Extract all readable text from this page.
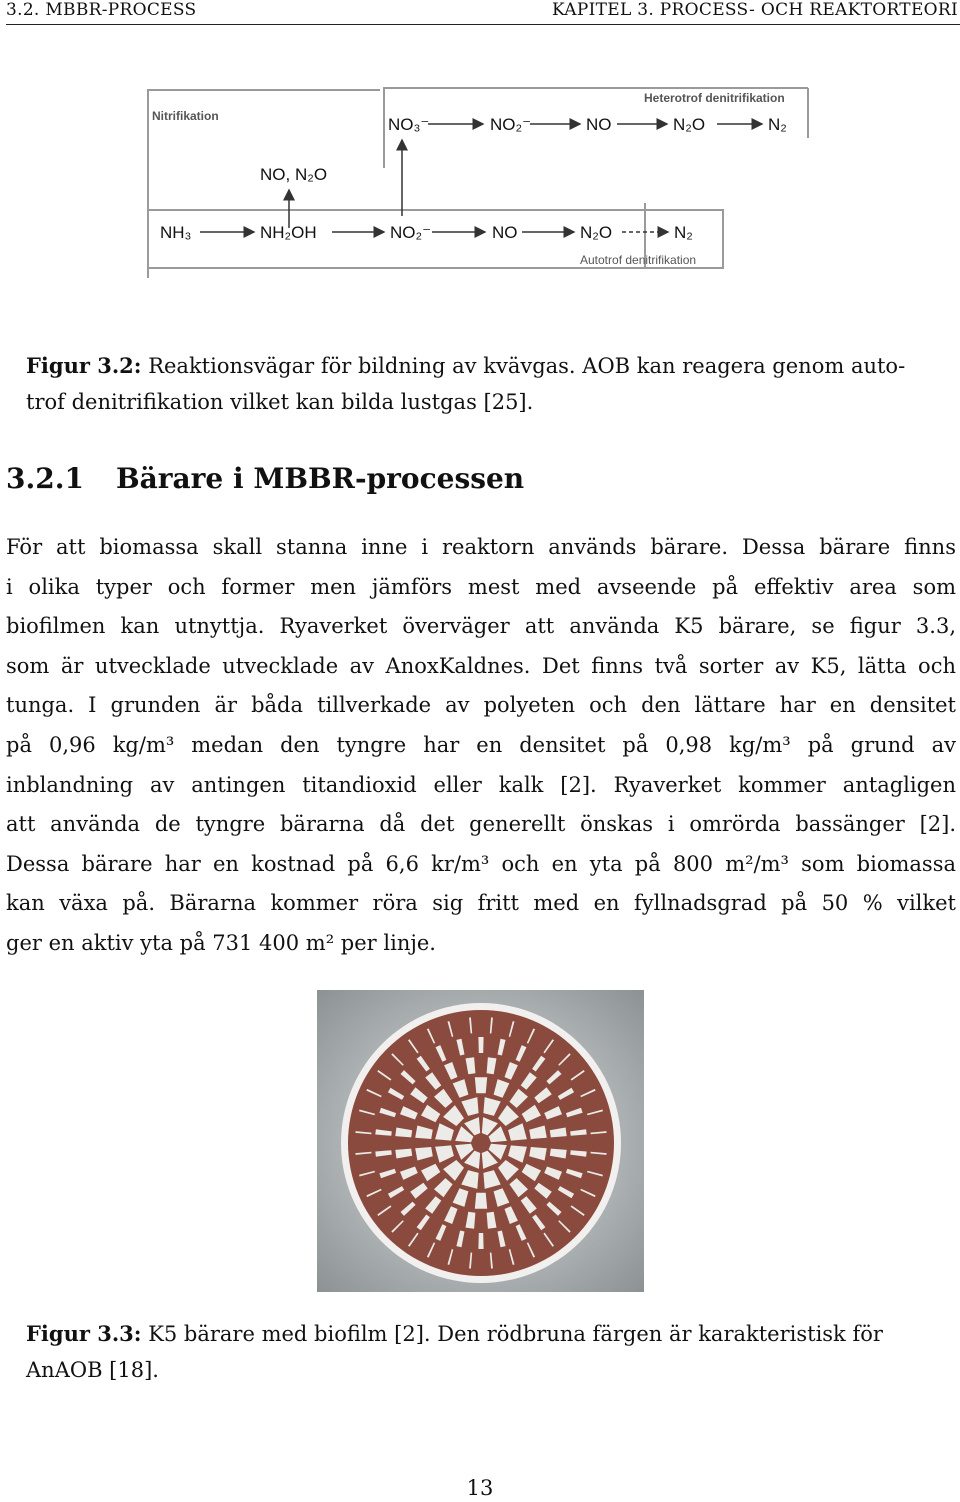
3.2. MBBR-PROCESS	KAPITEL 3. PROCESS- OCH REAKTORTEORI
Nitrifikation
Heterotrof denitrifikation
Autotrof denitrifikation
NO₃⁻	NO₂⁻	NO	N₂O	N₂
NO, N₂O
NH₃	NH₂OH	NO₂⁻	NO	N₂O	N₂
Figur 3.2: Reaktionsvägar för bildning av kvävgas. AOB kan reagera genom auto-
trof denitrifikation vilket kan bilda lustgas [25].
3.2.1 Bärare i MBBR-processen
För att biomassa skall stanna inne i reaktorn används bärare. Dessa bärare finns
i olika typer och former men jämförs mest med avseende på effektiv area som
biofilmen kan utnyttja. Ryaverket överväger att använda K5 bärare, se figur 3.3,
som är utvecklade utvecklade av AnoxKaldnes. Det finns två sorter av K5, lätta och
tunga. I grunden är båda tillverkade av polyeten och den lättare har en densitet
på 0,96 kg/m³ medan den tyngre har en densitet på 0,98 kg/m³ på grund av
inblandning av antingen titandioxid eller kalk [2]. Ryaverket kommer antagligen
att använda de tyngre bärarna då det generellt önskas i omrörda bassänger [2].
Dessa bärare har en kostnad på 6,6 kr/m³ och en yta på 800 m²/m³ som biomassa
kan växa på. Bärarna kommer röra sig fritt med en fyllnadsgrad på 50 % vilket
ger en aktiv yta på 731 400 m² per linje.
Figur 3.3: K5 bärare med biofilm [2]. Den rödbruna färgen är karakteristisk för
AnAOB [18].
13
